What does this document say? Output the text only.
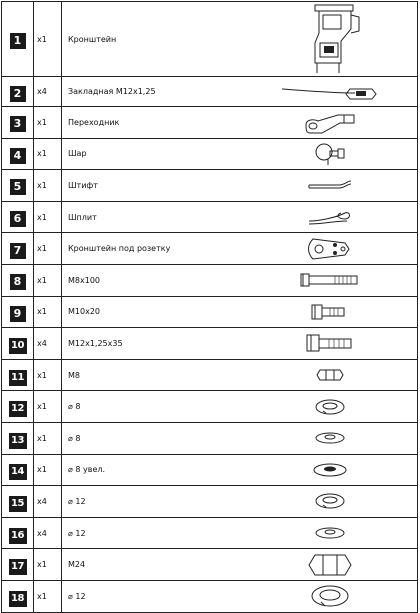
1	x1	Кронштейн	

2	x4	Закладная М12х1,25	

3	x1	Переходник	

4	x1	Шар	

5	x1	Штифт	

6	x1	Шплит	

7	x1	Кронштейн под розетку	

8	x1	М8х100	

9	x1	М10х20	

10	x4	М12х1,25х35	

11	x1	M8	

12	x1	⌀ 8	

13	x1	⌀ 8	

14	x1	⌀ 8 увел.	

15	x4	⌀ 12	

16	x4	⌀ 12	

17	x1	M24	

18	x1	⌀ 12	
